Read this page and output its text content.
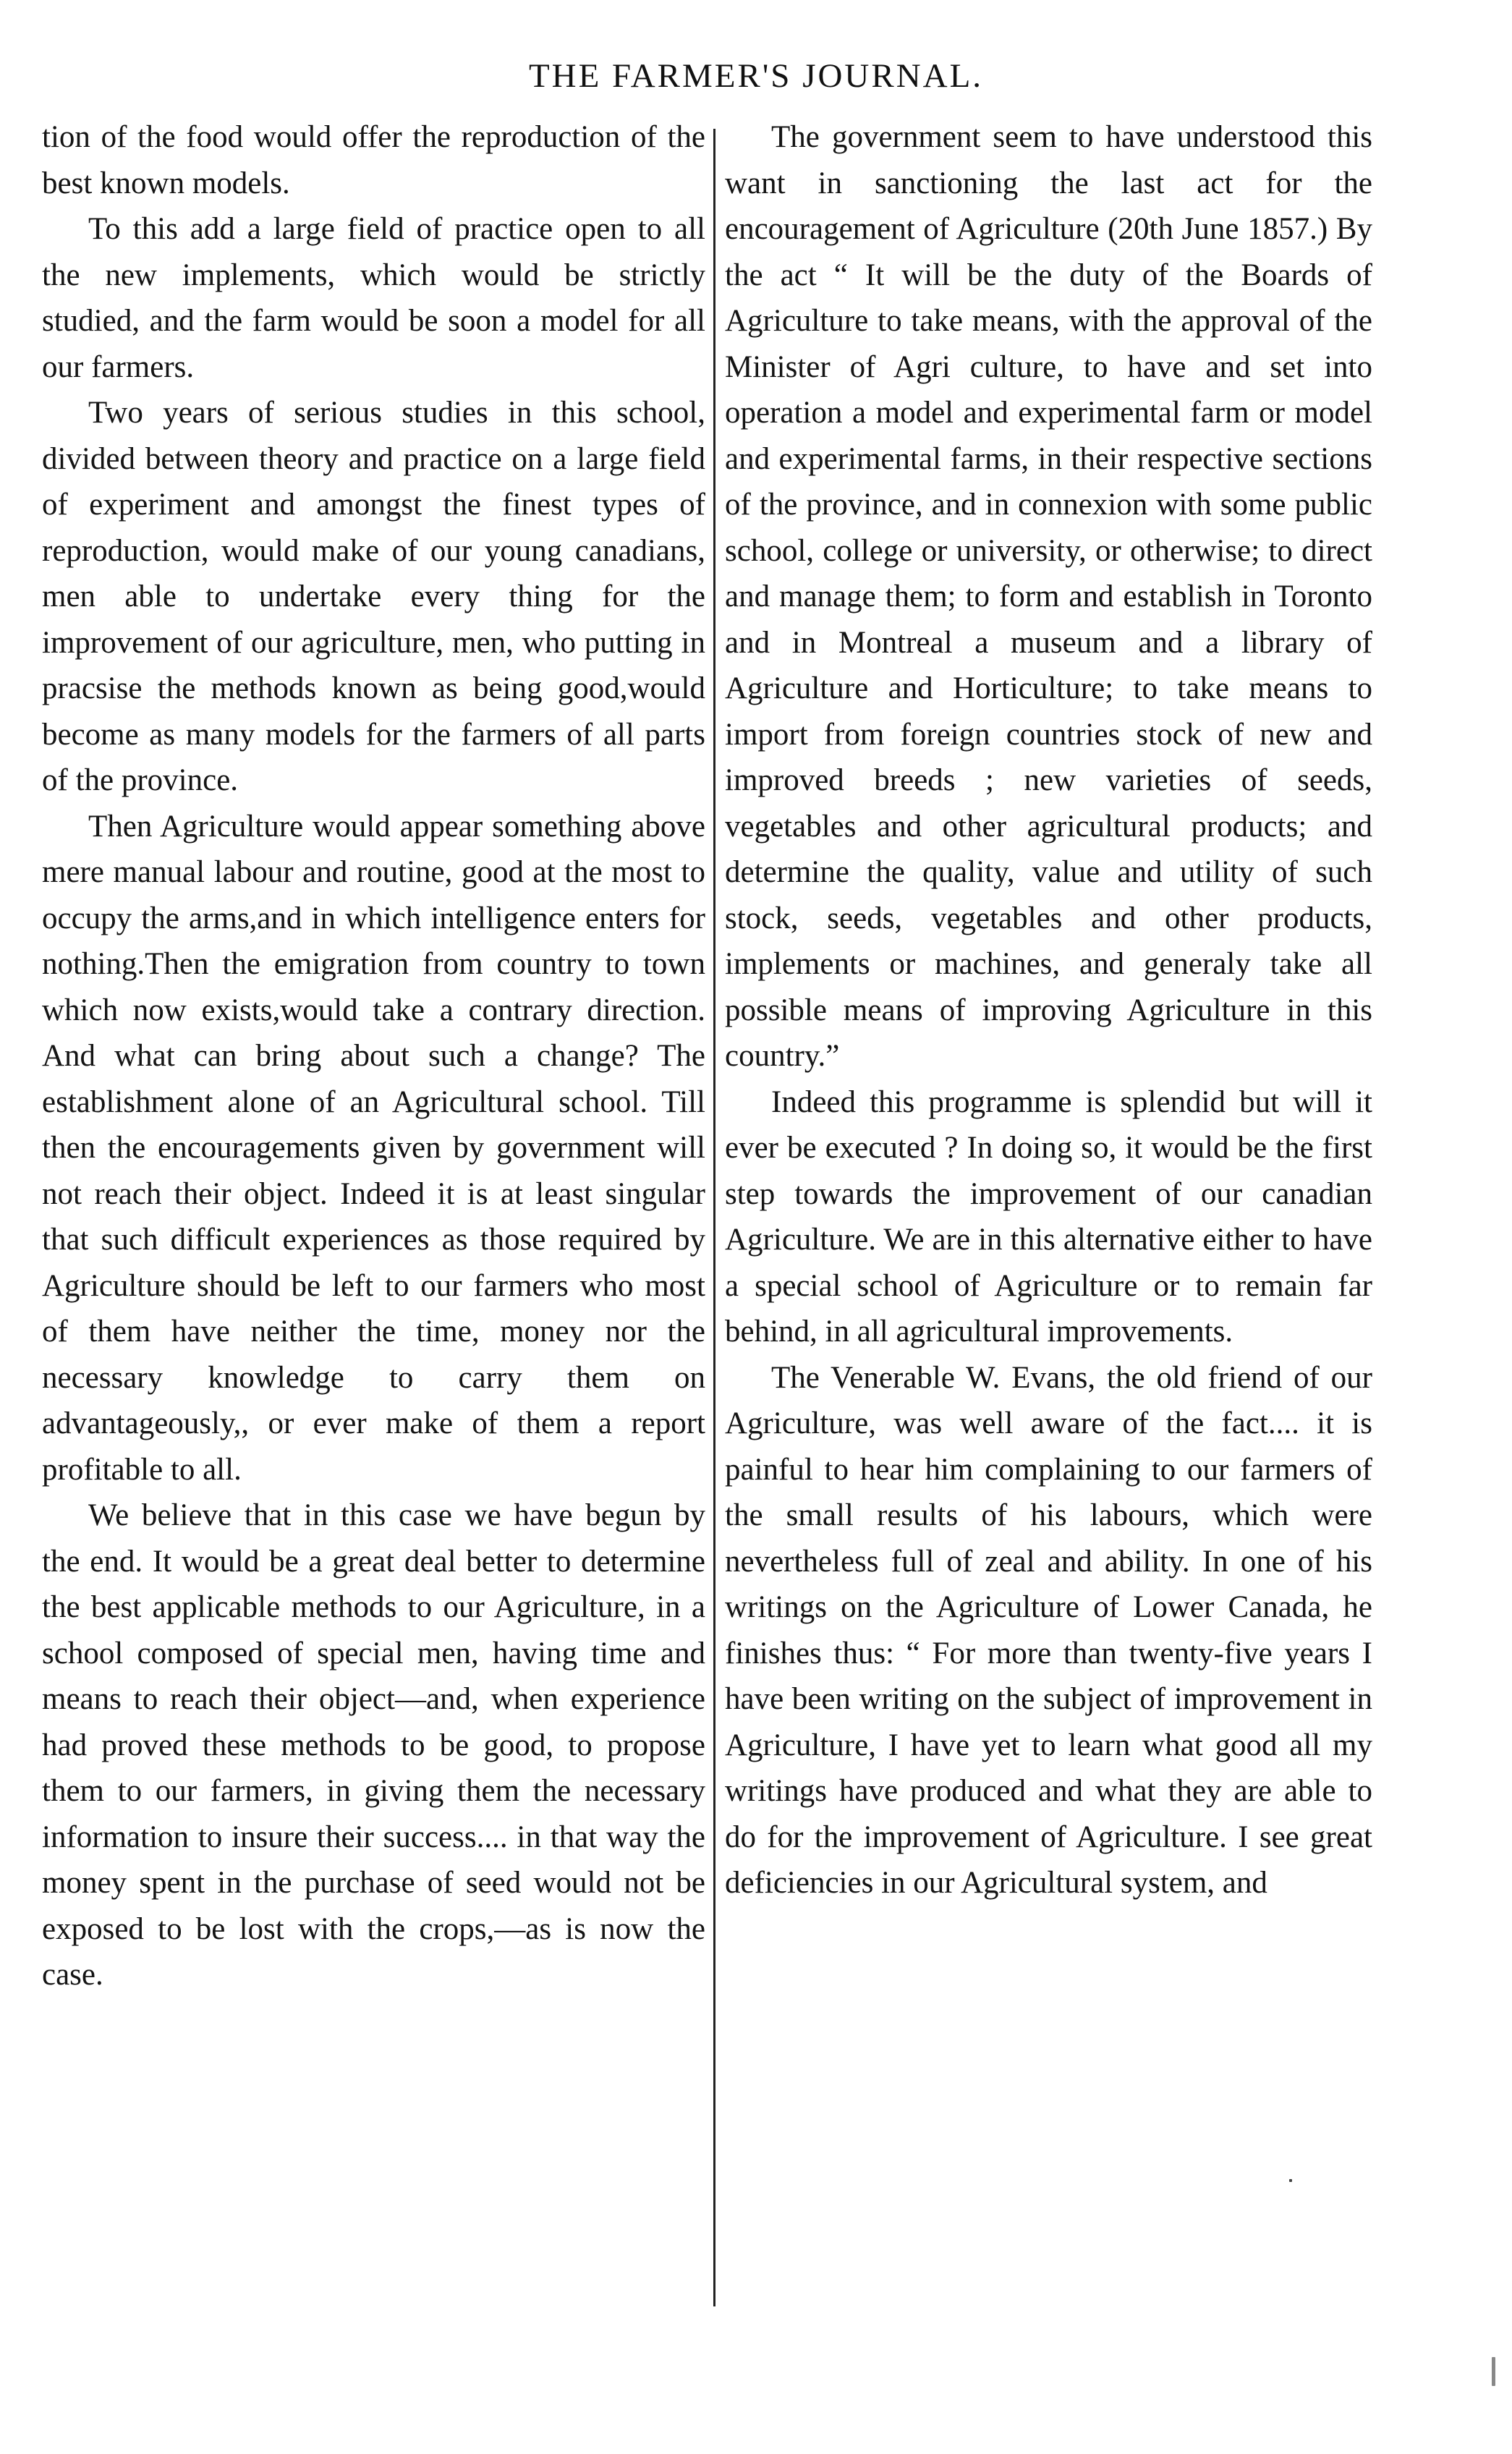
THE FARMER'S JOURNAL.

tion of the food would offer the reproduction of the best known models.

To this add a large field of practice open to all the new implements, which would be strictly studied, and the farm would be soon a model for all our farmers.

Two years of serious studies in this school, divided between theory and practice on a large field of experiment and amongst the finest types of reproduction, would make of our young canadians, men able to undertake every thing for the improvement of our agriculture, men, who putting in pracsise the methods known as being good,would become as many models for the farmers of all parts of the province.

Then Agriculture would appear something above mere manual labour and routine, good at the most to occupy the arms,and in which intelligence enters for nothing.Then the emigration from country to town which now exists,would take a contrary direction. And what can bring about such a change? The establishment alone of an Agricultural school. Till then the encouragements given by government will not reach their object. Indeed it is at least singular that such difficult experiences as those required by Agriculture should be left to our farmers who most of them have neither the time, money nor the necessary knowledge to carry them on advantageously,, or ever make of them a report profitable to all.

We believe that in this case we have begun by the end. It would be a great deal better to determine the best applicable methods to our Agriculture, in a school composed of special men, having time and means to reach their object—and, when experience had proved these methods to be good, to propose them to our farmers, in giving them the necessary information to insure their success.... in that way the money spent in the purchase of seed would not be exposed to be lost with the crops,—as is now the case.

The government seem to have understood this want in sanctioning the last act for the encouragement of Agriculture (20th June 1857.) By the act “ It will be the duty of the Boards of Agriculture to take means, with the approval of the Minister of Agri culture, to have and set into operation a model and experimental farm or model and experimental farms, in their respective sections of the province, and in connexion with some public school, college or university, or otherwise; to direct and manage them; to form and establish in Toronto and in Montreal a museum and a library of Agriculture and Horticulture; to take means to import from foreign countries stock of new and improved breeds ; new varieties of seeds, vegetables and other agricultural products; and determine the quality, value and utility of such stock, seeds, vegetables and other products, implements or machines, and generaly take all possible means of improving Agriculture in this country.”

Indeed this programme is splendid but will it ever be executed ? In doing so, it would be the first step towards the improvement of our canadian Agriculture. We are in this alternative either to have a special school of Agriculture or to remain far behind, in all agricultural improvements.

The Venerable W. Evans, the old friend of our Agriculture, was well aware of the fact.... it is painful to hear him complaining to our farmers of the small results of his labours, which were nevertheless full of zeal and ability. In one of his writings on the Agriculture of Lower Canada, he finishes thus: “ For more than twenty-five years I have been writing on the subject of improvement in Agriculture, I have yet to learn what good all my writings have produced and what they are able to do for the improvement of Agriculture. I see great deficiencies in our Agricultural system, and
